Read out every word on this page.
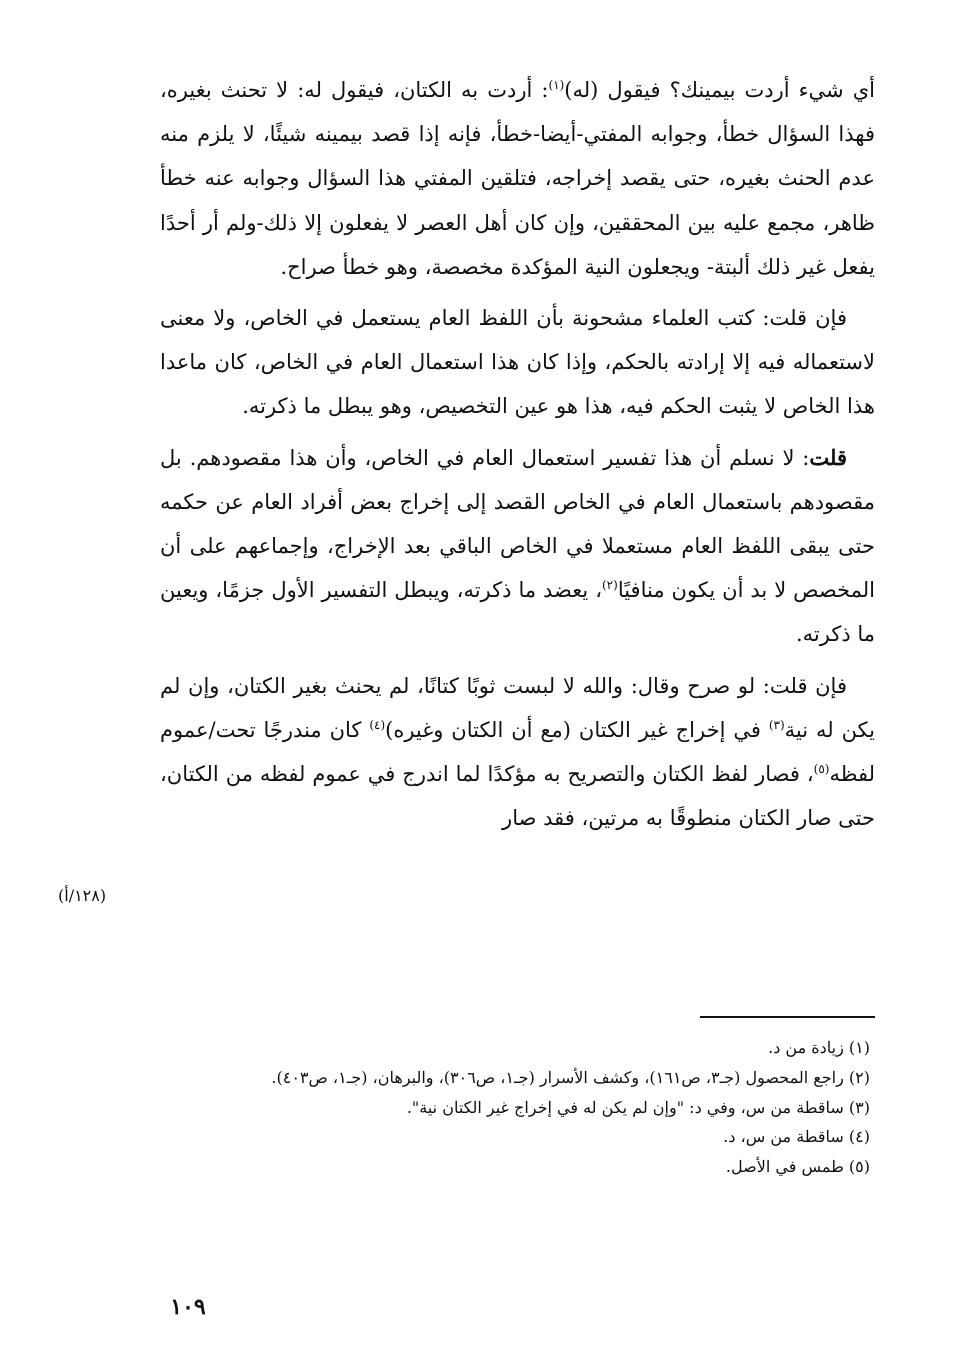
أي شيء أردت بيمينك؟ فيقول (له)$^{(١)}$: أردت به الكتان، فيقول له: لا تحنث بغيره، فهذا السؤال خطأ، وجوابه المفتي-أيضا-خطأ، فإنه إذا قصد بيمينه شيئًا، لا يلزم منه عدم الحنث بغيره، حتى يقصد إخراجه، فتلقين المفتي هذا السؤال وجوابه عنه خطأ ظاهر، مجمع عليه بين المحققين، وإن كان أهل العصر لا يفعلون إلا ذلك-ولم أر أحدًا يفعل غير ذلك ألبتة- ويجعلون النية المؤكدة مخصصة، وهو خطأ صراح.

فإن قلت: كتب العلماء مشحونة بأن اللفظ العام يستعمل في الخاص، ولا معنى لاستعماله فيه إلا إرادته بالحكم، وإذا كان هذا استعمال العام في الخاص، كان ماعدا هذا الخاص لا يثبت الحكم فيه، هذا هو عين التخصيص، وهو يبطل ما ذكرته.

قلت: لا نسلم أن هذا تفسير استعمال العام في الخاص، وأن هذا مقصودهم. بل مقصودهم باستعمال العام في الخاص القصد إلى إخراج بعض أفراد العام عن حكمه حتى يبقى اللفظ العام مستعملا في الخاص الباقي بعد الإخراج، وإجماعهم على أن المخصص لا بد أن يكون منافيًا$^{(٢)}$، يعضد ما ذكرته، ويبطل التفسير الأول جزمًا، ويعين ما ذكرته.

فإن قلت: لو صرح وقال: والله لا لبست ثوبًا كتانًا، لم يحنث بغير الكتان، وإن لم يكن له نية$^{(٣)}$ في إخراج غير الكتان (مع أن الكتان وغيره)$^{(٤)}$ كان مندرجًا تحت/عموم لفظه$^{(٥)}$، فصار لفظ الكتان والتصريح به مؤكدًا لما اندرج في عموم لفظه من الكتان، حتى صار الكتان منطوقًا به مرتين، فقد صار

(١٢٨/أ)

(١) زيادة من د.

(٢) راجع المحصول (جـ٣، ص١٦١)، وكشف الأسرار (جـ١، ص٣٠٦)، والبرهان، (جـ١، ص٤٠٣).

(٣) ساقطة من س، وفي د: "وإن لم يكن له في إخراج غير الكتان نية".

(٤) ساقطة من س، د.

(٥) طمس في الأصل.

١٠٩
